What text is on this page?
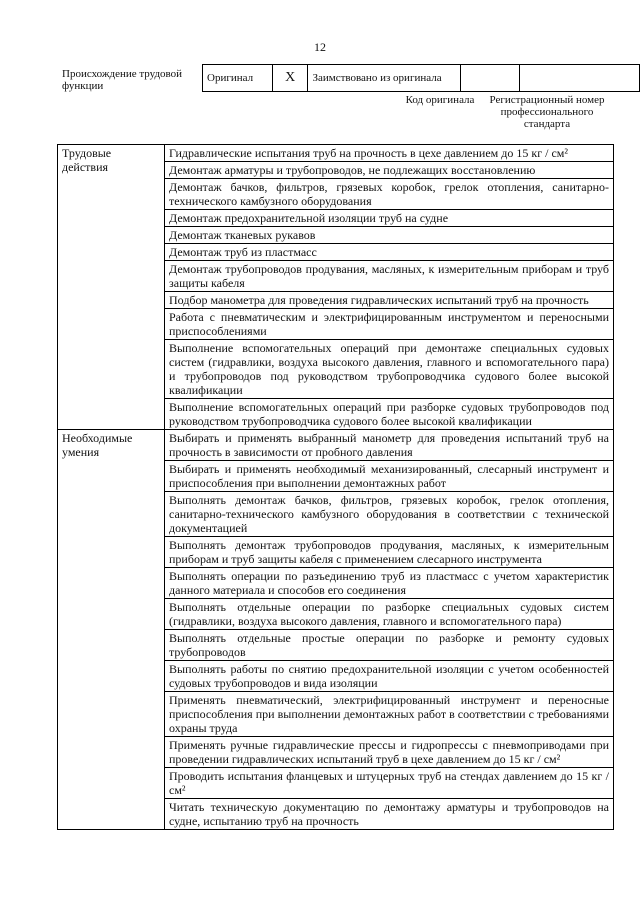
12
Происхождение трудовой функции
Оригинал	X	Заимствовано из оригинала		
Код оригинала	Регистрационный номер профессионального стандарта
Трудовые действия	Гидравлические испытания труб на прочность в цехе давлением до 15 кг / см²
	Демонтаж арматуры и трубопроводов, не подлежащих восстановлению
	Демонтаж бачков, фильтров, грязевых коробок, грелок отопления, санитарно-технического камбузного оборудования
	Демонтаж предохранительной изоляции труб на судне
	Демонтаж тканевых рукавов
	Демонтаж труб из пластмасс
	Демонтаж трубопроводов продувания, масляных, к измерительным приборам и труб защиты кабеля
	Подбор манометра для проведения гидравлических испытаний труб на прочность
	Работа с пневматическим и электрифицированным инструментом и переносными приспособлениями
	Выполнение вспомогательных операций при демонтаже специальных судовых систем (гидравлики, воздуха высокого давления, главного и вспомогательного пара) и трубопроводов под руководством трубопроводчика судового более высокой квалификации
	Выполнение вспомогательных операций при разборке судовых трубопроводов под руководством трубопроводчика судового более высокой квалификации
Необходимые умения	Выбирать и применять выбранный манометр для проведения испытаний труб на прочность в зависимости от пробного давления
	Выбирать и применять необходимый механизированный, слесарный инструмент и приспособления при выполнении демонтажных работ
	Выполнять демонтаж бачков, фильтров, грязевых коробок, грелок отопления, санитарно-технического камбузного оборудования в соответствии с технической документацией
	Выполнять демонтаж трубопроводов продувания, масляных, к измерительным приборам и труб защиты кабеля с применением слесарного инструмента
	Выполнять операции по разъединению труб из пластмасс с учетом характеристик данного материала и способов его соединения
	Выполнять отдельные операции по разборке специальных судовых систем (гидравлики, воздуха высокого давления, главного и вспомогательного пара)
	Выполнять отдельные простые операции по разборке и ремонту судовых трубопроводов
	Выполнять работы по снятию предохранительной изоляции с учетом особенностей судовых трубопроводов и вида изоляции
	Применять пневматический, электрифицированный инструмент и переносные приспособления при выполнении демонтажных работ в соответствии с требованиями охраны труда
	Применять ручные гидравлические прессы и гидропрессы с пневмоприводами при проведении гидравлических испытаний труб в цехе давлением до 15 кг / см²
	Проводить испытания фланцевых и штуцерных труб на стендах давлением до 15 кг / см²
	Читать техническую документацию по демонтажу арматуры и трубопроводов на судне, испытанию труб на прочность
